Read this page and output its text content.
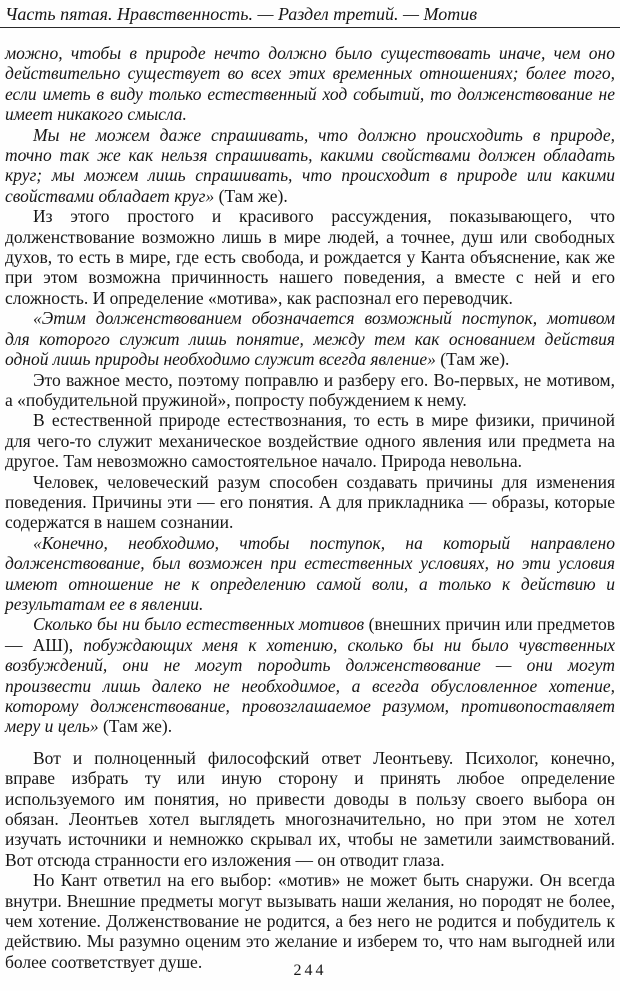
Часть пятая. Нравственность. — Раздел третий. — Мотив

можно, чтобы в природе нечто должно было существовать иначе, чем оно действительно существует во всех этих временных отношениях; более того, если иметь в виду только естественный ход событий, то долженствование не имеет никакого смысла.

Мы не можем даже спрашивать, что должно происходить в природе, точно так же как нельзя спрашивать, какими свойствами должен обладать круг; мы можем лишь спрашивать, что происходит в природе или какими свойствами обладает круг» (Там же).

Из этого простого и красивого рассуждения, показывающего, что долженствование возможно лишь в мире людей, а точнее, душ или свободных духов, то есть в мире, где есть свобода, и рождается у Канта объяснение, как же при этом возможна причинность нашего поведения, а вместе с ней и его сложность. И определение «мотива», как распознал его переводчик.

«Этим долженствованием обозначается возможный поступок, мотивом для которого служит лишь понятие, между тем как основанием действия одной лишь природы необходимо служит всегда явление» (Там же).

Это важное место, поэтому поправлю и разберу его. Во-первых, не мотивом, а «побудительной пружиной», попросту побуждением к нему.

В естественной природе естествознания, то есть в мире физики, причиной для чего-то служит механическое воздействие одного явления или предмета на другое. Там невозможно самостоятельное начало. Природа невольна.

Человек, человеческий разум способен создавать причины для изменения поведения. Причины эти — его понятия. А для прикладника — образы, которые содержатся в нашем сознании.

«Конечно, необходимо, чтобы поступок, на который направлено долженствование, был возможен при естественных условиях, но эти условия имеют отношение не к определению самой воли, а только к действию и результатам ее в явлении.

Сколько бы ни было естественных мотивов (внешних причин или предметов — АШ), побуждающих меня к хотению, сколько бы ни было чувственных возбуждений, они не могут породить долженствование — они могут произвести лишь далеко не необходимое, а всегда обусловленное хотение, которому долженствование, провозглашаемое разумом, противопоставляет меру и цель» (Там же).

Вот и полноценный философский ответ Леонтьеву. Психолог, конечно, вправе избрать ту или иную сторону и принять любое определение используемого им понятия, но привести доводы в пользу своего выбора он обязан. Леонтьев хотел выглядеть многозначительно, но при этом не хотел изучать источники и немножко скрывал их, чтобы не заметили заимствований. Вот отсюда странности его изложения — он отводит глаза.

Но Кант ответил на его выбор: «мотив» не может быть снаружи. Он всегда внутри. Внешние предметы могут вызывать наши желания, но породят не более, чем хотение. Долженствование не родится, а без него не родится и побудитель к действию. Мы разумно оценим это желание и изберем то, что нам выгодней или более соответствует душе.	244
